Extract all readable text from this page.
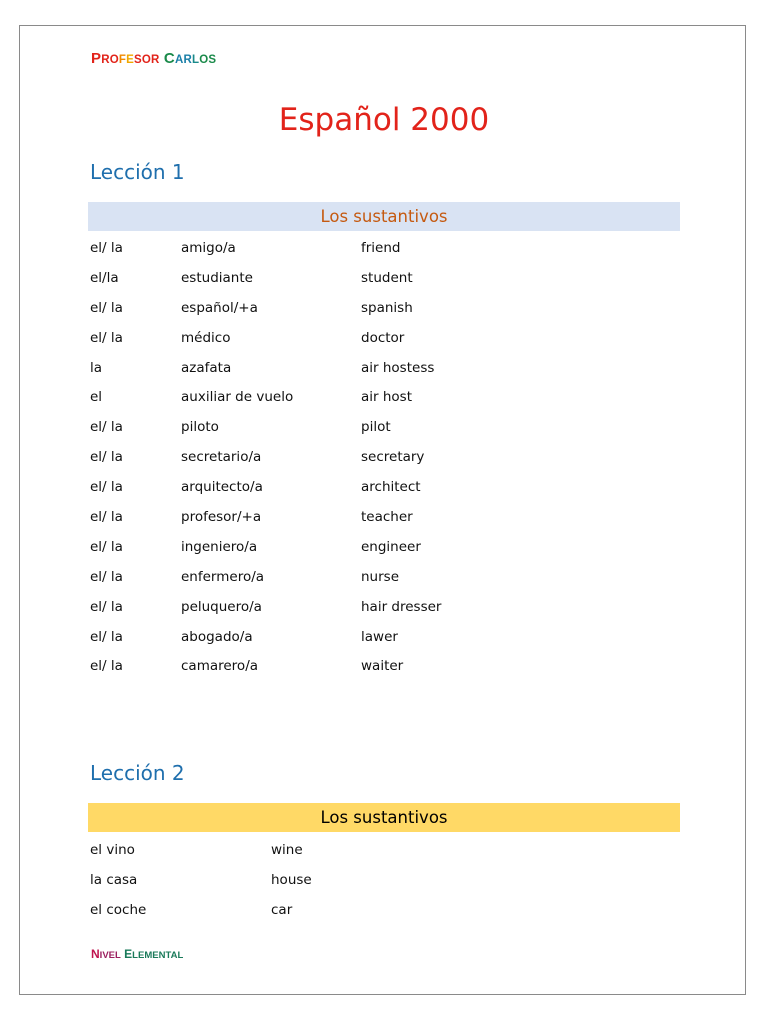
PROFESOR CARLOS
Español 2000
Lección 1
Los sustantivos
el/ la	amigo/a	friend
el/la	estudiante	student
el/ la	español/+a	spanish
el/ la	médico	doctor
la	azafata	air hostess
el	auxiliar de vuelo	air host
el/ la	piloto	pilot
el/ la	secretario/a	secretary
el/ la	arquitecto/a	architect
el/ la	profesor/+a	teacher
el/ la	ingeniero/a	engineer
el/ la	enfermero/a	nurse
el/ la	peluquero/a	hair dresser
el/ la	abogado/a	lawer
el/ la	camarero/a	waiter
Lección 2
Los sustantivos
el vino	wine
la casa	house
el coche	car
NIVEL ELEMENTAL
